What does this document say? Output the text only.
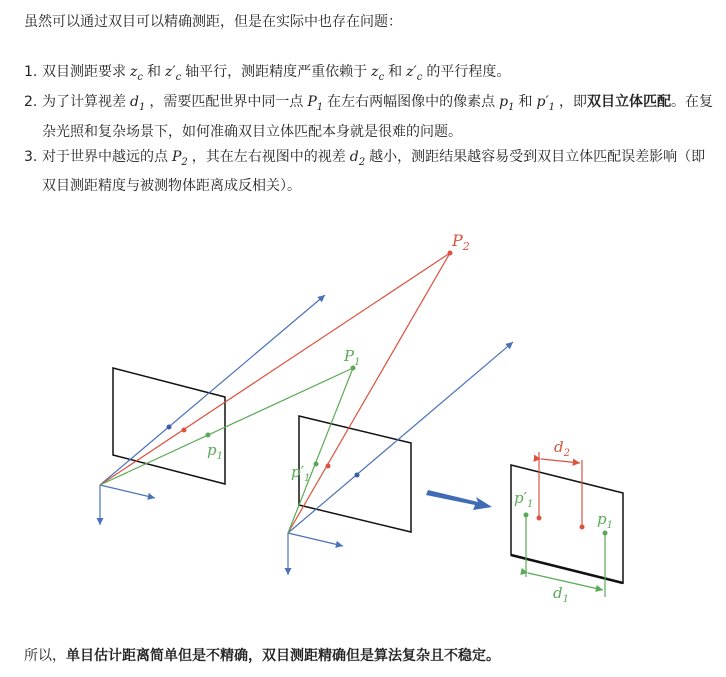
虽然可以通过双目可以精确测距，但是在实际中也存在问题：
1. 双目测距要求 $z_c$ 和 $z'_c$ 轴平行，测距精度严重依赖于 $z_c$ 和 $z'_c$ 的平行程度。
2. 为了计算视差 $d_1$ ，需要匹配世界中同一点 $P_1$ 在左右两幅图像中的像素点 $p_1$ 和 $p'_1$ ，即双目立体匹配。在复杂光照和复杂场景下，如何准确双目立体匹配本身就是很难的问题。
3. 对于世界中越远的点 $P_2$ ，其在左右视图中的视差 $d_2$ 越小，测距结果越容易受到双目立体匹配误差影响（即双目测距精度与被测物体距离成反相关）。
$P_2$
$P_1$
$p_1$
$p'_1$
$d_2$
$d_1$
$p'_1$
$p_1$
所以，单目估计距离简单但是不精确，双目测距精确但是算法复杂且不稳定。
